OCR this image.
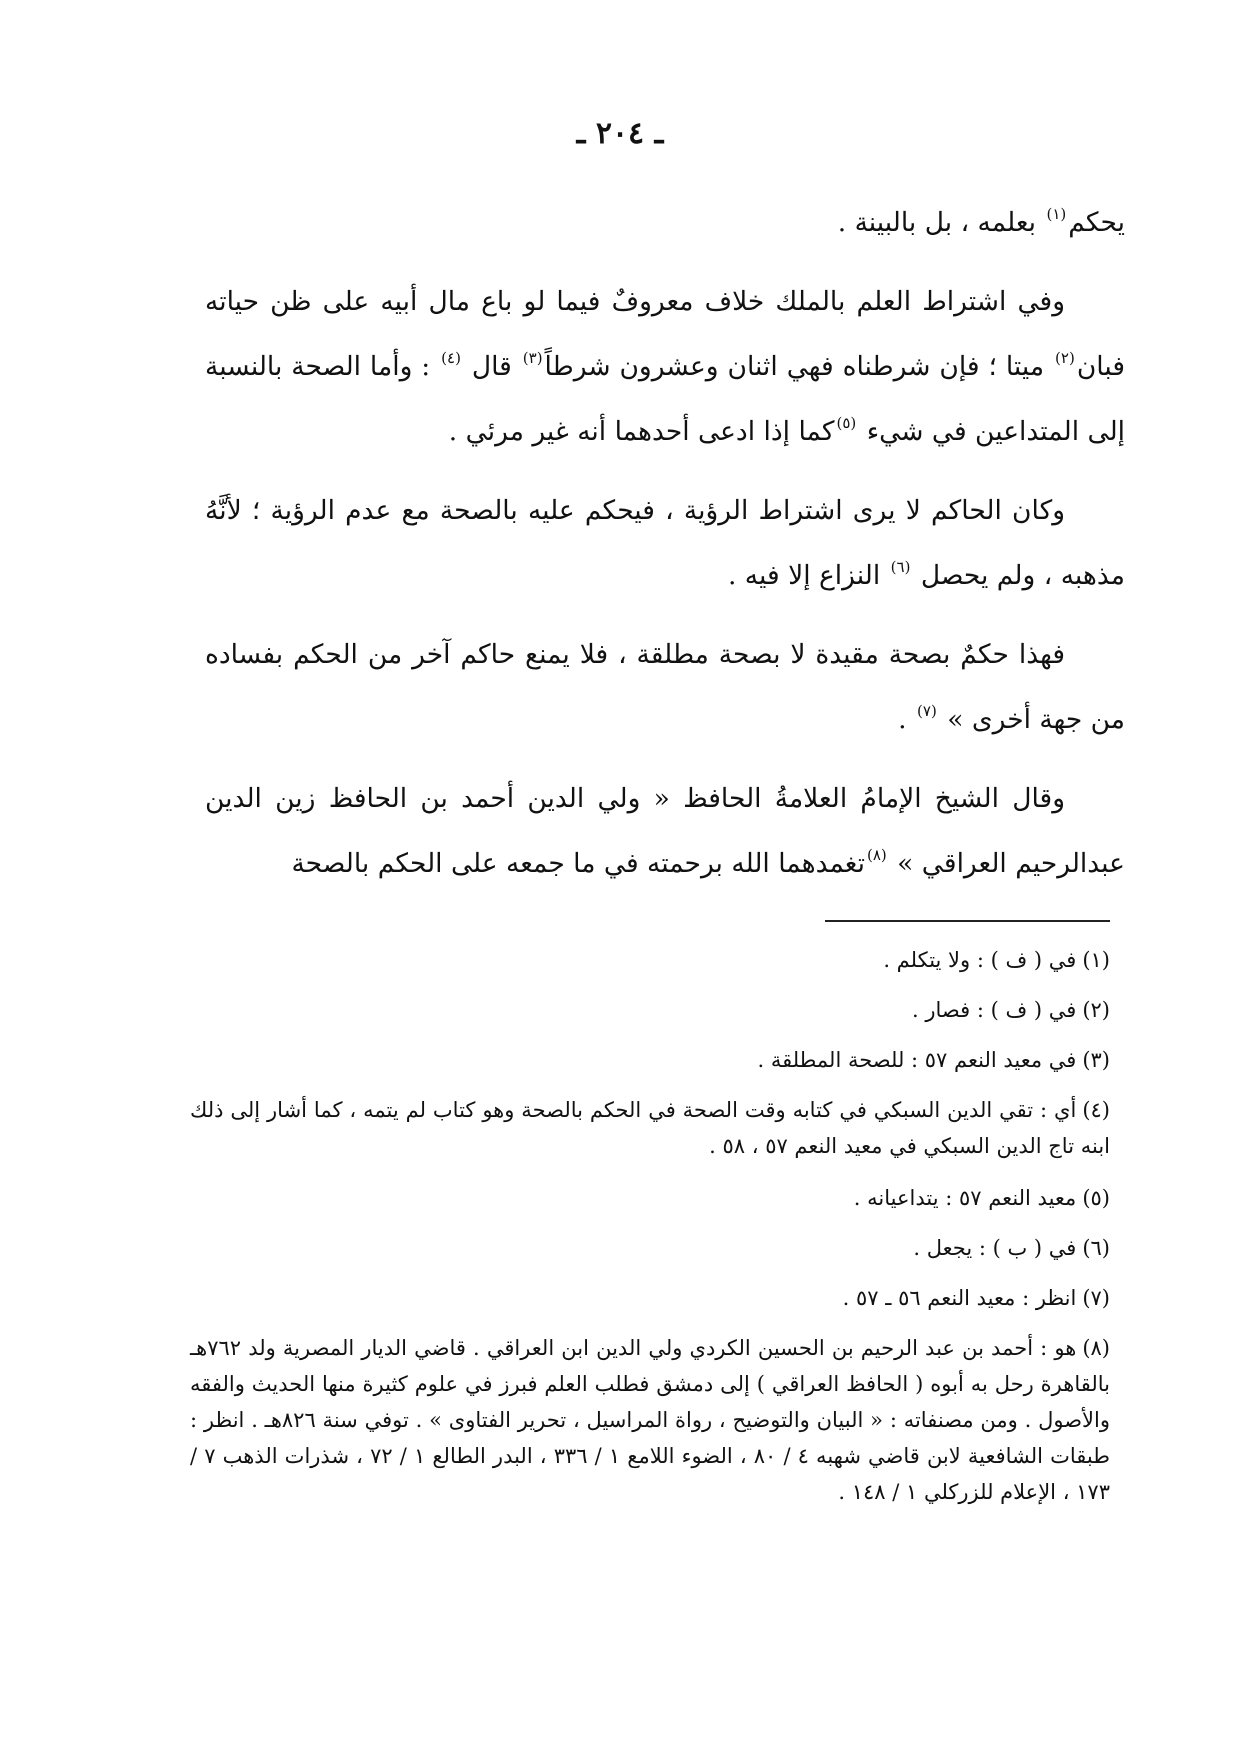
ـ ٢٠٤ ـ

يحكم$^{(١)}$ بعلمه ، بل بالبينة .

وفي اشتراط العلم بالملك خلاف معروفٌ فيما لو باع مال أبيه على ظن حياته فبان$^{(٢)}$ ميتا ؛ فإن شرطناه فهي اثنان وعشرون شرطاً$^{(٣)}$ قال $^{(٤)}$ : وأما الصحة بالنسبة إلى المتداعين في شيء $^{(٥)}$كما إذا ادعى أحدهما أنه غير مرئي .

وكان الحاكم لا يرى اشتراط الرؤية ، فيحكم عليه بالصحة مع عدم الرؤية ؛ لأنَّهُ مذهبه ، ولم يحصل $^{(٦)}$ النزاع إلا فيه .

فهذا حكمٌ بصحة مقيدة لا بصحة مطلقة ، فلا يمنع حاكم آخر من الحكم بفساده من جهة أخرى » $^{(٧)}$ .

وقال الشيخ الإمامُ العلامةُ الحافظ « ولي الدين أحمد بن الحافظ زين الدين عبدالرحيم العراقي » $^{(٨)}$تغمدهما الله برحمته في ما جمعه على الحكم بالصحة

(١)في ( ف ) : ولا يتكلم .
(٢)في ( ف ) : فصار .
(٣)في معيد النعم ٥٧ : للصحة المطلقة .
(٤)أي : تقي الدين السبكي في كتابه وقت الصحة في الحكم بالصحة وهو كتاب لم يتمه ، كما أشار إلى ذلك ابنه تاج الدين السبكي في معيد النعم ٥٧ ، ٥٨ .
(٥)معيد النعم ٥٧ : يتداعيانه .
(٦)في ( ب ) : يجعل .
(٧)انظر : معيد النعم ٥٦ ـ ٥٧ .
(٨)هو : أحمد بن عبد الرحيم بن الحسين الكردي ولي الدين ابن العراقي . قاضي الديار المصرية ولد ٧٦٢هـ بالقاهرة رحل به أبوه ( الحافظ العراقي ) إلى دمشق فطلب العلم فبرز في علوم كثيرة منها الحديث والفقه والأصول . ومن مصنفاته : « البيان والتوضيح ، رواة المراسيل ، تحرير الفتاوى » . توفي سنة ٨٢٦هـ . انظر : طبقات الشافعية لابن قاضي شهبه ٤ / ٨٠ ، الضوء اللامع ١ / ٣٣٦ ، البدر الطالع ١ / ٧٢ ، شذرات الذهب ٧ / ١٧٣ ، الإعلام للزركلي ١ / ١٤٨ .
